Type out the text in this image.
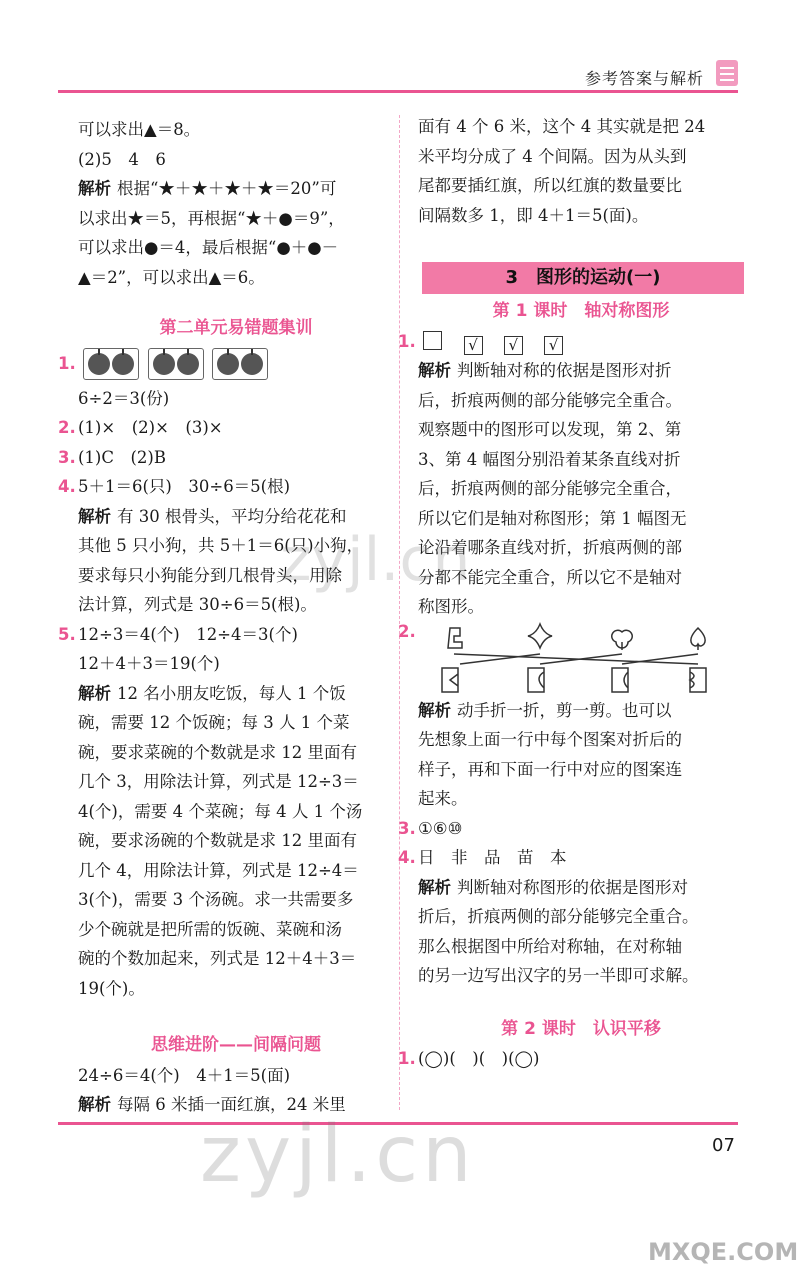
参考答案与解析
可以求出▲＝8。
(2)5　4　6
解析 根据“★＋★＋★＋★＝20”可
以求出★＝5，再根据“★＋●＝9”，
可以求出●＝4，最后根据“●＋●－
▲＝2”，可以求出▲＝6。
第二单元易错题集训
1.
6÷2＝3(份)
2. (1)×　(2)×　(3)×
3. (1)C　(2)B
4. 5＋1＝6(只)　30÷6＝5(根)
解析 有 30 根骨头，平均分给花花和
其他 5 只小狗，共 5＋1＝6(只)小狗，
要求每只小狗能分到几根骨头，用除
法计算，列式是 30÷6＝5(根)。
5. 12÷3＝4(个)　12÷4＝3(个)
12＋4＋3＝19(个)
解析 12 名小朋友吃饭，每人 1 个饭
碗，需要 12 个饭碗；每 3 人 1 个菜
碗，要求菜碗的个数就是求 12 里面有
几个 3，用除法计算，列式是 12÷3＝
4(个)，需要 4 个菜碗；每 4 人 1 个汤
碗，要求汤碗的个数就是求 12 里面有
几个 4，用除法计算，列式是 12÷4＝
3(个)，需要 3 个汤碗。求一共需要多
少个碗就是把所需的饭碗、菜碗和汤
碗的个数加起来，列式是 12＋4＋3＝
19(个)。
思维进阶——间隔问题
24÷6＝4(个)　4＋1＝5(面)
解析 每隔 6 米插一面红旗，24 米里
面有 4 个 6 米，这个 4 其实就是把 24
米平均分成了 4 个间隔。因为从头到
尾都要插红旗，所以红旗的数量要比
间隔数多 1，即 4＋1＝5(面)。
3　图形的运动(一)
第 1 课时　轴对称图形
1.	√ √ √
解析 判断轴对称的依据是图形对折
后，折痕两侧的部分能够完全重合。
观察题中的图形可以发现，第 2、第
3、第 4 幅图分别沿着某条直线对折
后，折痕两侧的部分能够完全重合，
所以它们是轴对称图形；第 1 幅图无
论沿着哪条直线对折，折痕两侧的部
分都不能完全重合，所以它不是轴对
称图形。
2.
解析 动手折一折，剪一剪。也可以
先想象上面一行中每个图案对折后的
样子，再和下面一行中对应的图案连
起来。
3. ①⑥⑩
4. 日　非　品　苗　本
解析 判断轴对称图形的依据是图形对
折后，折痕两侧的部分能够完全重合。
那么根据图中所给对称轴，在对称轴
的另一边写出汉字的另一半即可求解。
第 2 课时　认识平移
1. (◯)(　)(　)(◯)
07
zyjl.cn
zyjl.cn
MXQE.COM
